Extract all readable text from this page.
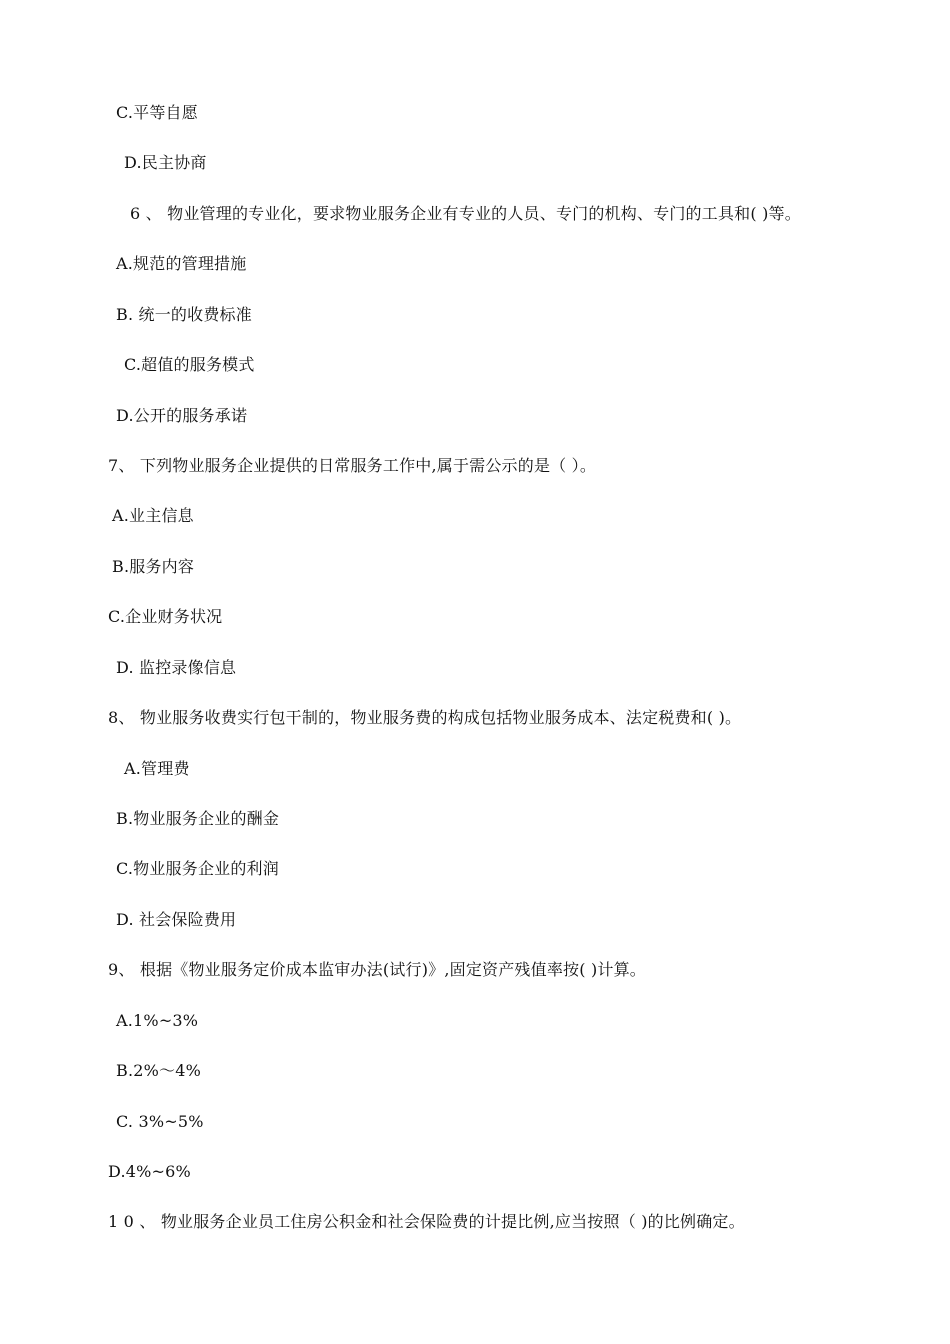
C.平等自愿
D.民主协商
6 、 物业管理的专业化，要求物业服务企业有专业的人员、专门的机构、专门的工具和( )等。
A.规范的管理措施
B. 统一的收费标准
C.超值的服务模式
D.公开的服务承诺
7、 下列物业服务企业提供的日常服务工作中,属于需公示的是（ ）。
A.业主信息
B.服务内容
C.企业财务状况
D. 监控录像信息
8、 物业服务收费实行包干制的，物业服务费的构成包括物业服务成本、法定税费和( )。
A.管理费
B.物业服务企业的酬金
C.物业服务企业的利润
D. 社会保险费用
9、 根据《物业服务定价成本监审办法(试行)》,固定资产残值率按( )计算。
A.1%~3%
B.2%～4%
C. 3%~5%
D.4%~6%
1 0 、 物业服务企业员工住房公积金和社会保险费的计提比例,应当按照（ )的比例确定。
